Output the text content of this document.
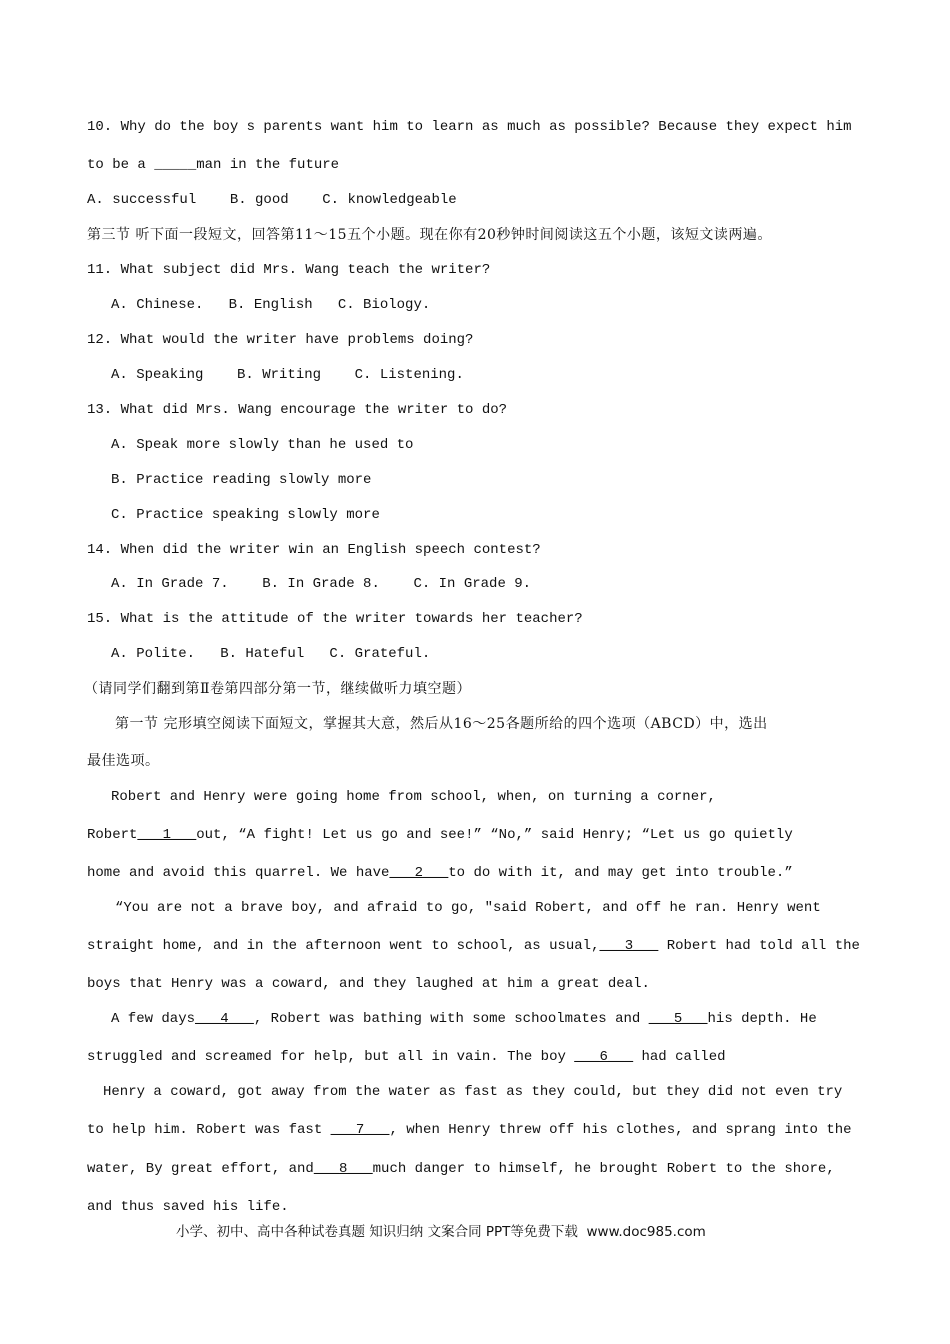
10. Why do the boy s parents want him to learn as much as possible? Because they expect him
to be a _____man in the future
A. successful    B. good    C. knowledgeable
第三节 听下面一段短文，回答第11～15五个小题。现在你有20秒钟时间阅读这五个小题，该短文读两遍。
11. What subject did Mrs. Wang teach the writer?
A. Chinese.   B. English   C. Biology.
12. What would the writer have problems doing?
A. Speaking    B. Writing    C. Listening.
13. What did Mrs. Wang encourage the writer to do?
A. Speak more slowly than he used to
B. Practice reading slowly more
C. Practice speaking slowly more
14. When did the writer win an English speech contest?
A. In Grade 7.    B. In Grade 8.    C. In Grade 9.
15. What is the attitude of the writer towards her teacher?
A. Polite.   B. Hateful   C. Grateful.
（请同学们翻到第Ⅱ卷第四部分第一节，继续做听力填空题）
第一节 完形填空阅读下面短文，掌握其大意，然后从16～25各题所给的四个选项（ABCD）中，选出
最佳选项。
Robert and Henry were going home from school, when, on turning a corner,
Robert___1___out, “A fight! Let us go and see!” “No,” said Henry; “Let us go quietly
home and avoid this quarrel. We have___2___to do with it, and may get into trouble.”
“You are not a brave boy, and afraid to go, ″said Robert, and off he ran. Henry went
straight home, and in the afternoon went to school, as usual,___3___ Robert had told all the
boys that Henry was a coward, and they laughed at him a great deal.
A few days___4___, Robert was bathing with some schoolmates and ___5___his depth. He
struggled and screamed for help, but all in vain. The boy ___6___ had called
Henry a coward, got away from the water as fast as they could, but they did not even try
to help him. Robert was fast ___7___, when Henry threw off his clothes, and sprang into the
water, By great effort, and___8___much danger to himself, he brought Robert to the shore,
and thus saved his life.
小学、初中、高中各种试卷真题 知识归纳 文案合同 PPT等免费下载  www.doc985.com
